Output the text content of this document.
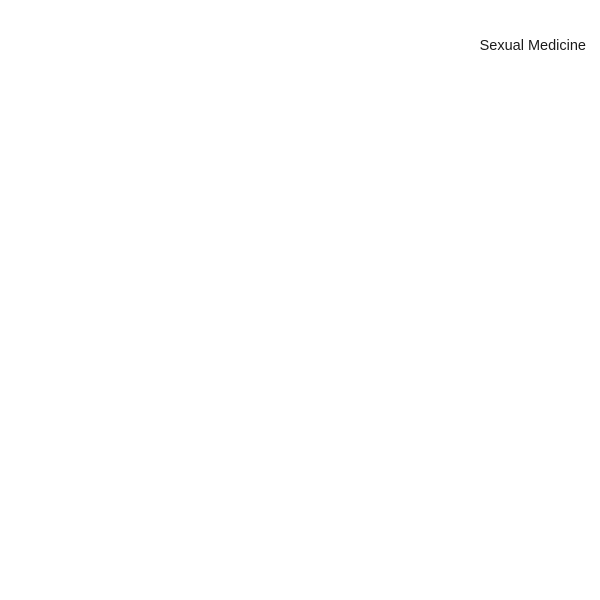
Sexual Medicine
